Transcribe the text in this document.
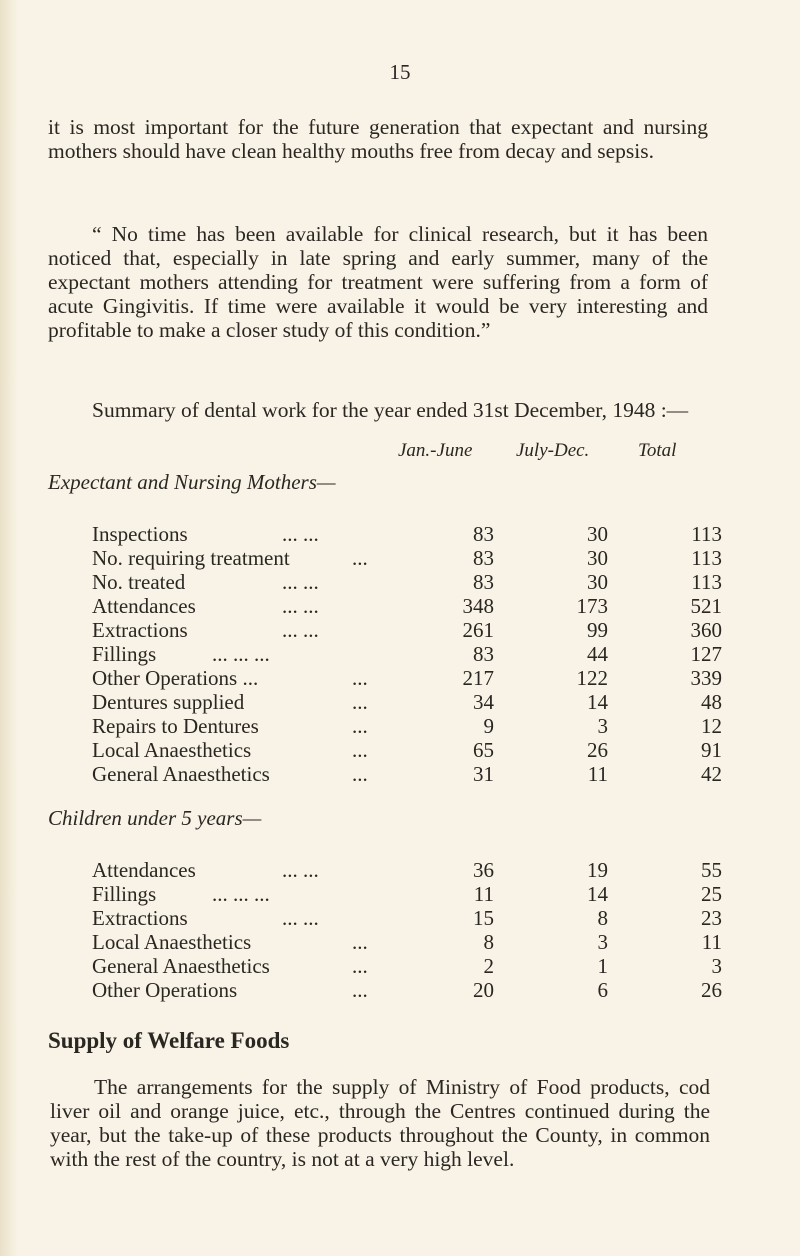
15
it is most important for the future generation that expectant and nursing mothers should have clean healthy mouths free from decay and sepsis.
“ No time has been available for clinical research, but it has been noticed that, especially in late spring and early summer, many of the expectant mothers attending for treatment were suffering from a form of acute Gingivitis. If time were available it would be very interesting and profitable to make a closer study of this condition.”
Summary of dental work for the year ended 31st December, 1948 :—
Jan.-June July-Dec.	Total
Expectant and Nursing Mothers—
Inspections	... ...	83	30	113
No. requiring treatment	...	83	30	113
No. treated	... ...	83	30	113
Attendances	... ...	348	173	521
Extractions	... ...	261	99	360
Fillings	... ... ...	83	44	127
Other Operations ...	...	217	122	339
Dentures supplied	...	34	14	48
Repairs to Dentures	...	9	3	12
Local Anaesthetics	...	65	26	91
General Anaesthetics	...	31	11	42
Children under 5 years—
Attendances	... ...	36	19	55
Fillings	... ... ...	11	14	25
Extractions	... ...	15	8	23
Local Anaesthetics	...	8	3	11
General Anaesthetics	...	2	1	3
Other Operations	...	20	6	26
Supply of Welfare Foods
The arrangements for the supply of Ministry of Food products, cod liver oil and orange juice, etc., through the Centres continued during the year, but the take-up of these products throughout the County, in common with the rest of the country, is not at a very high level.
